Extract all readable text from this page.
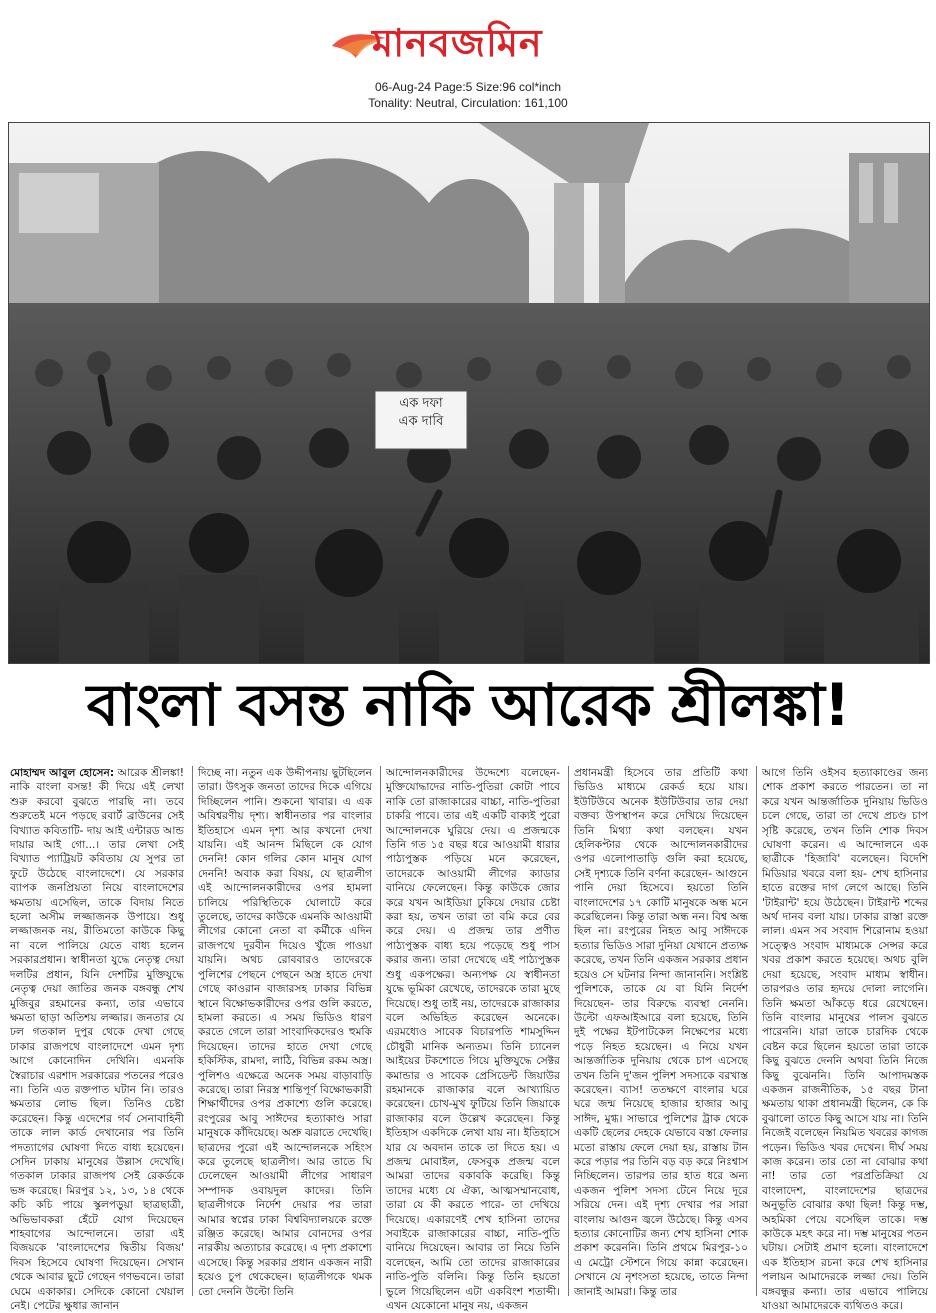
মানবজমিন
06-Aug-24 Page:5 Size:96 col*inch
Tonality: Neutral, Circulation: 161,100
এক দফা
এক দাবি
বাংলা বসন্ত নাকি আরেক শ্রীলঙ্কা!
মোহাম্মদ আবুল হোসেন: আরেক শ্রীলঙ্কা! নাকি বাংলা বসন্ত! কী দিয়ে এই লেখা শুরু করবো বুঝতে পারছি না। তবে শুরুতেই মনে পড়ছে রবার্ট ব্রাউনের সেই বিখ্যাত কবিতাটি- দায় আই এন্টারড আন্ড দায়ার আই গো...। তার লেখা সেই বিখ্যাত প্যাট্রিয়ট কবিতায় যে সুপর তা ফুটে উঠেছে বাংলাদেশে। যে সরকার ব্যাপক জনপ্রিয়তা নিয়ে বাংলাদেশের ক্ষমতায় এসেছিল, তাকে বিদায় নিতে হলো অসীম লজ্জাজনক উপায়ে। শুধু লজ্জাজনক নয়, রীতিমতো কাউকে কিছু না বলে পালিয়ে যেতে বাধ্য হলেন সরকারপ্রধান। স্বাধীনতা যুদ্ধে নেতৃত্ব দেয়া দলটির প্রধান, যিনি দেশটির মুক্তিযুদ্ধে নেতৃত্ব দেয়া জাতির জনক বঙ্গবন্ধু শেখ মুজিবুর রহমানের কন্যা, তার এভাবে ক্ষমতা ছাড়া অতিশয় লজ্জার। জনতার যে ঢল গতকাল দুপুর থেকে দেখা গেছে ঢাকার রাজপথে বাংলাদেশে এমন দৃশ্য আগে কোনোদিন দেখিনি। এমনকি স্বৈরাচার এরশাদ সরকারের পতনের পরেও না। তিনি এত রক্তপাত ঘটান নি। তারও ক্ষমতার লোভ ছিল। তিনিও চেষ্টা করেছেন। কিন্তু এদেশের গর্ব সেনাবাহিনী তাকে লাল কার্ড দেখানোর পর তিনি পদত্যাগের ঘোষণা দিতে বাধ্য হয়েছেন। সেদিন ঢাকায় মানুষের উল্লাস দেখেছি। গতকাল ঢাকার রাজপথ সেই রেকর্ডকে ভঙ্গ করেছে। মিরপুর ১২, ১৩, ১৪ থেকে কচি কচি পায়ে স্কুলপড়ুয়া ছাত্রছাত্রী, অভিভাবকরা হেঁটে যোগ দিয়েছেন শাহবাগের আন্দোলনে। তারা এই বিজয়কে 'বাংলাদেশের দ্বিতীয় বিজয়' দিবস হিসেবে ঘোষণা দিয়েছেন। সেখান থেকে আবার ছুটে গেছেন গণভবনে। তারা ঘেমে একাকার। সেদিকে কোনো খেয়াল নেই। পেটের ক্ষুধার জানান
দিচ্ছে না। নতুন এক উদ্দীপনায় ছুটছিলেন তারা। উৎসুক জনতা তাদের দিকে এগিয়ে দিচ্ছিলেন পানি। শুকনো খাবার। এ এক অবিশ্বরণীয় দৃশ্য। স্বাধীনতার পর বাংলার ইতিহাসে এমন দৃশ্য আর কখনো দেখা যায়নি। এই আনন্দ মিছিলে কে যোগ দেননি! কোন গলির কোন মানুষ যোগ দেননি! অবাক করা বিষয়, যে ছাত্রলীগ এই আন্দোলনকারীদের ওপর হামলা চালিয়ে পরিস্থিতিকে ঘোলাটে করে তুলেছে, তাদের কাউকে এমনকি আওয়ামী লীগের কোনো নেতা বা কর্মীকে এদিন রাজপথে দুরবীন দিয়েও খুঁজে পাওয়া যায়নি। অথচ রোববারও তাদেরকে পুলিশের পেছনে পেছনে অস্ত্র হাতে দেখা গেছে কাওরান বাজারসহ ঢাকার বিভিন্ন স্থানে বিক্ষোভকারীদের ওপর গুলি করতে, হামলা করতে। এ সময় ভিডিও ধারণ করতে গেলে তারা সাংবাদিকদেরও হুমকি দিয়েছেন। তাদের হাতে দেখা গেছে হকিস্টিক, রামদা, লাঠি, বিভিন্ন রকম অস্ত্র। পুলিশও এক্ষেত্রে অনেক সময় বাড়াবাড়ি করেছে। তারা নিরস্ত্র শান্তিপূর্ণ বিক্ষোভকারী শিক্ষার্থীদের ওপর প্রকাশ্যে গুলি করেছে। রংপুরের আবু সাঈদের হত্যাকাণ্ড সারা মানুষকে কাঁদিয়েছে। অশ্রু ঝরাতে দেখেছি। ছাত্রদের পুরো এই আন্দোলনকে সহিংস করে তুলেছে ছাত্রলীগ। আর তাতে ঘি ঢেলেছেন আওয়ামী লীগের সাধারণ সম্পাদক ওবায়দুল কাদের। তিনি ছাত্রলীগকে নির্দেশ দেয়ার পর তারা আমার স্বপ্নের ঢাকা বিশ্ববিদ্যালয়কে রক্তে রঞ্জিত করেছে। আমার বোনদের ওপর নারকীয় অত্যাচার করেছে। এ দৃশ্য প্রকাশ্যে এসেছে। কিন্তু সরকার প্রধান একজন নারী হয়েও চুপ থেকেছেন। ছাত্রলীগকে থমক তো দেননি উল্টো তিনি
আন্দোলনকারীদের উদ্দেশ্যে বলেছেন- মুক্তিযোদ্ধাদের নাতি-পুতিরা কোটা পাবে নাকি তো রাজাকারের বাচ্চা, নাতি-পুতিরা চাকরি পাবে। তার এই একটি বাক্যই পুরো আন্দোলনকে ঘুরিয়ে দেয়। এ প্রজন্মকে তিনি গত ১৫ বছর ধরে আওয়ামী ধারার পাঠ্যপুস্তক পড়িয়ে মনে করেছেন, তাদেরকে আওয়ামী লীগের ক্যাডার বানিয়ে ফেলেছেন। কিন্তু কাউকে জোর করে যখন আইডিয়া ঢুকিয়ে দেয়ার চেষ্টা করা হয়, তখন তারা তা বমি করে বের করে দেয়। এ প্রজন্ম তার প্রণীত পাঠ্যপুস্তক বাধ্য হয়ে পড়েছে শুধু পাস করার জন্য। তারা দেখেছে এই পাঠ্যপুস্তক শুধু একপক্ষের। অন্যপক্ষ যে স্বাধীনতা যুদ্ধে ভূমিকা রেখেছে, তাদেরকে তারা মুছে দিয়েছে। শুধু তাই নয়, তাদেরকে রাজাকার বলে অভিহিত করেছেন অনেকে। এরমধ্যেও সাবেক বিচারপতি শামসুদ্দিন চৌধুরী মানিক অন্যতম। তিনি চ্যানেল আইয়ের টকশোতে গিয়ে মুক্তিযুদ্ধে সেক্টর কমান্ডার ও সাবেক প্রেসিডেন্ট জিয়াউর রহমানকে রাজাকার বলে আখ্যায়িত করেছেন। চোখ-মুখ ফুটিয়ে তিনি জিয়াকে রাজাকার বলে উল্লেখ করেছেন। কিন্তু ইতিহাস একদিকে লেখা যায় না। ইতিহাসে যার যে অবদান তাকে তা দিতে হয়। এ প্রজন্ম মোবাইল, ফেসবুক প্রজন্ম বলে আমরা তাদের বকাবকি করেছি। কিন্তু তাদের মধ্যে যে ঐক্য, আত্মসম্মানবোধ, তারা যে কী করতে পারে- তা দেখিয়ে দিয়েছে। একারণেই শেখ হাসিনা তাদের সবাইকে রাজাকারের বাচ্চা, নাতি-পুতি বানিয়ে দিয়েছেন। আবার তা নিয়ে তিনি বলেছেন, আমি তো তাদের রাজাকারের নাতি-পুতি বলিনি। কিন্তু তিনি হয়তো ভুলে গিয়েছিলেন এটা একবিংশ শতাব্দী। এখন যেকোনো মানুষ নয়, একজন
প্রধানমন্ত্রী হিসেবে তার প্রতিটি কথা ভিডিও মাধ্যমে রেকর্ড হয়ে যায়। ইউটিউবে অনেক ইউটিউবার তার দেয়া বক্তব্য উপস্থাপন করে দেখিয়ে দিয়েছেন তিনি মিথ্যা কথা বলছেন। যখন হেলিকপ্টার থেকে আন্দোলনকারীদের ওপর এলোপাতাড়ি গুলি করা হয়েছে, সেই দৃশ্যকে তিনি বর্ণনা করেছেন- আগুনে পানি দেয়া হিসেবে। হয়তো তিনি বাংলাদেশের ১৭ কোটি মানুষকে অন্ধ মনে করেছিলেন। কিন্তু তারা অন্ধ নন। বিশ্ব অন্ধ ছিল না। রংপুরের নিহত আবু সাঈদকে হত্যার ভিডিও সারা দুনিয়া যেখানে প্রত্যক্ষ করেছে, তখন তিনি একজন সরকার প্রধান হয়েও সে ঘটনার নিন্দা জানাননি। সংশ্লিষ্ট পুলিশকে, তাকে যে বা যিনি নির্দেশ দিয়েছেন- তার বিরুদ্ধে ব্যবস্থা নেননি। উল্টো এফআইআরে বলা হয়েছে, তিনি দুই পক্ষের ইটপাটকেল নিক্ষেপের মধ্যে পড়ে নিহত হয়েছেন। এ নিয়ে যখন আন্তর্জাতিক দুনিয়ায় থেকে চাপ এসেছে তখন তিনি দু'জন পুলিশ সদস্যকে বরখাস্ত করেছেন। ব্যাস! ততক্ষণে বাংলার ঘরে ঘরে জন্ম নিয়েছে হাজার হাজার আবু সাঈদ, মুগ্ধ। সাভারে পুলিশের ট্রাক থেকে একটি ছেলের দেহকে যেভাবে বস্তা ফেলার মতো রাস্তায় ফেলে দেয়া হয়, রাস্তায় টান করে পড়ার পর তিনি বড় বড় করে নিঃশ্বাস নিচ্ছিলেন। তারপর তার হাত ধরে অন্য একজন পুলিশ সদস্য টেনে নিয়ে দূরে সরিয়ে দেন। এই দৃশ্য দেখার পর সারা বাংলায় আগুন জ্বলে উঠেছে। কিন্তু এসব হত্যার কোনোটির জন্য শেখ হাসিনা শোক প্রকাশ করেননি। তিনি প্রথমে মিরপুর-১০ এ মেট্রো স্টেশনে গিয়ে কান্না করেছেন। সেখানে যে নৃশংসতা হয়েছে, তাতে নিন্দা জানাই আমরা। কিন্তু তার
আগে তিনি ওইসব হত্যাকাণ্ডের জন্য শোক প্রকাশ করতে পারতেন। তা না করে যখন আন্তর্জাতিক দুনিয়ায় ভিডিও চলে গেছে, তারা তা দেখে প্রচণ্ড চাপ সৃষ্টি করেছে, তখন তিনি শোক দিবস ঘোষণা করেন। এ আন্দোলনে এক ছাত্রীকে 'হিজাবি' বলেছেন। বিদেশি মিডিয়ার খবরে বলা হয়- শেখ হাসিনার হাতে রক্তের দাগ লেগে আছে। তিনি 'টাইরান্ট' হয়ে উঠেছেন। টাইরান্ট শব্দের অর্থ দানব বলা যায়। ঢাকার রাস্তা রক্তে লাল। এমন সব সংবাদ শিরোনাম হওয়া সত্ত্বেও সংবাদ মাধ্যমকে সেন্সর করে খবর প্রকাশ করতে হয়েছে। অথচ বুলি দেয়া হয়েছে, সংবাদ মাধ্যম স্বাধীন। তারপরও তার হৃদয়ে দোলা লাগেনি। তিনি ক্ষমতা আঁকড়ে ধরে রেখেছেন। তিনি বাংলার মানুষের পালস বুঝতে পারেননি। যারা তাকে চারদিক থেকে বেষ্টন করে ছিলেন হয়তো তারা তাকে কিছু বুঝতে দেননি অথবা তিনি নিজে কিছু বুঝেননি। তিনি আপাদমস্তক একজন রাজনীতিক, ১৫ বছর টানা ক্ষমতায় থাকা প্রধানমন্ত্রী ছিলেন, কে কি বুঝালো তাতে কিছু আসে যায় না। তিনি নিজেই বলেছেন নিয়মিত খবরের কাগজ পড়েন। ভিডিও খবর দেখেন। দীর্ঘ সময় কাজ করেন। তার তো না বোঝার কথা না! তার তো পরপ্রতিক্রিয়া যে বাংলাদেশ, বাংলাদেশের ছাত্রদের অনুভূতি বোঝার কথা ছিল! কিন্তু দম্ভ, অহমিকা পেয়ে বসেছিল তাকে। দম্ভ কাউকে মহৎ করে না। দম্ভ মানুষের পতন ঘটায়। সেটাই প্রমাণ হলো। বাংলাদেশে এক ইতিহাস রচনা করে শেখ হাসিনার পলায়ন আমাদেরকে লজ্জা দেয়। তিনি বঙ্গবন্ধুর কন্যা। তার এভাবে পালিয়ে যাওয়া আমাদেরকে ব্যথিতও করে।
